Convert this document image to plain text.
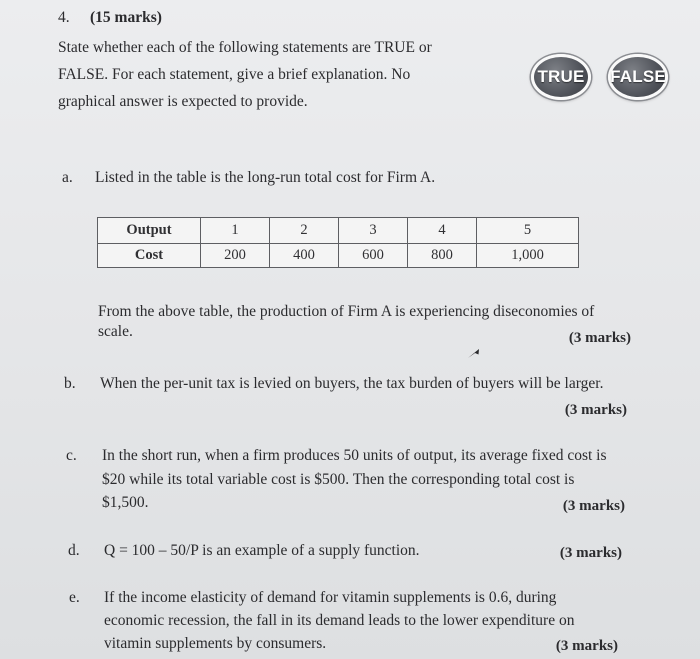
4. (15 marks)
State whether each of the following statements are TRUE or
FALSE. For each statement, give a brief explanation. No
graphical answer is expected to provide.
TRUE FALSE
a. Listed in the table is the long-run total cost for Firm A.
Output	1	2	3	4	5
Cost	200	400	600	800	1,000
From the above table, the production of Firm A is experiencing diseconomies of
scale.	(3 marks)
b. When the per-unit tax is levied on buyers, the tax burden of buyers will be larger.
(3 marks)
c. In the short run, when a firm produces 50 units of output, its average fixed cost is
$20 while its total variable cost is $500. Then the corresponding total cost is
$1,500.	(3 marks)
d. Q = 100 – 50/P is an example of a supply function.	(3 marks)
e. If the income elasticity of demand for vitamin supplements is 0.6, during
economic recession, the fall in its demand leads to the lower expenditure on
vitamin supplements by consumers.	(3 marks)
